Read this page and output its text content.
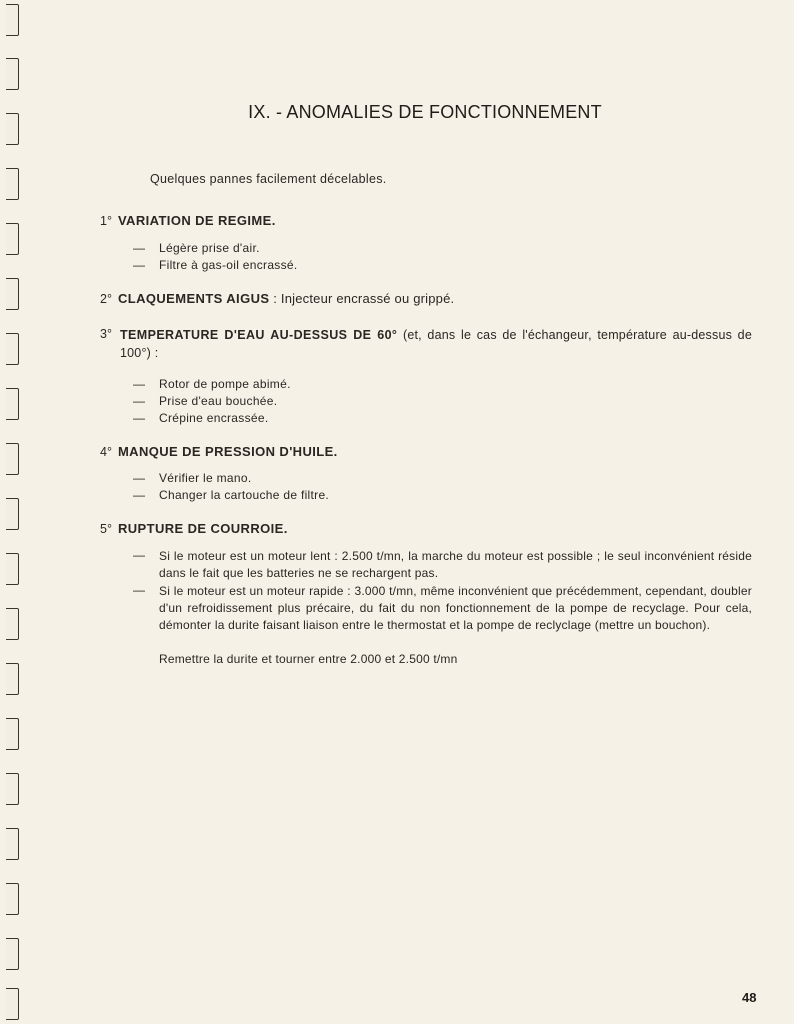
IX. - ANOMALIES DE FONCTIONNEMENT
Quelques pannes facilement décelables.
1° VARIATION DE REGIME.
— Légère prise d'air.
— Filtre à gas-oil encrassé.
2° CLAQUEMENTS AIGUS : Injecteur encrassé ou grippé.
3° TEMPERATURE D'EAU AU-DESSUS DE 60° (et, dans le cas de l'échangeur, température au-dessus de 100°) :
— Rotor de pompe abimé.
— Prise d'eau bouchée.
— Crépine encrassée.
4° MANQUE DE PRESSION D'HUILE.
— Vérifier le mano.
— Changer la cartouche de filtre.
5° RUPTURE DE COURROIE.
— Si le moteur est un moteur lent : 2.500 t/mn, la marche du moteur est possible ; le seul inconvénient réside dans le fait que les batteries ne se rechargent pas.
— Si le moteur est un moteur rapide : 3.000 t/mn, même inconvénient que précédemment, cependant, doubler d'un refroidissement plus précaire, du fait du non fonctionnement de la pompe de recyclage. Pour cela, démonter la durite faisant liaison entre le thermostat et la pompe de reclyclage (mettre un bouchon).
Remettre la durite et tourner entre 2.000 et 2.500 t/mn
48
